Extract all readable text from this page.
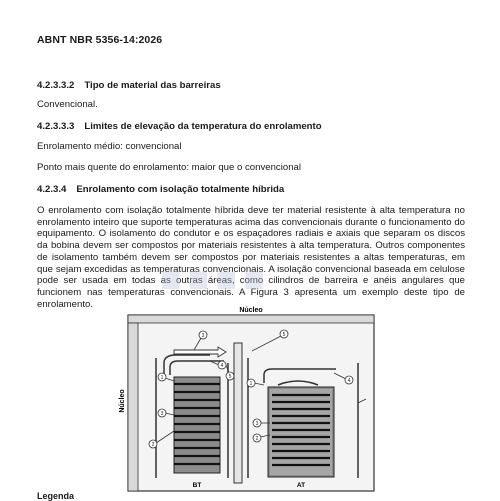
ABNT NBR 5356-14:2026
4.2.3.3.2 Tipo de material das barreiras
Convencional.
4.2.3.3.3 Limites de elevação da temperatura do enrolamento
Enrolamento médio: convencional
Ponto mais quente do enrolamento: maior que o convencional
4.2.3.4 Enrolamento com isolação totalmente híbrida
O enrolamento com isolação totalmente híbrida deve ter material resistente à alta temperatura no enrolamento inteiro que suporte temperaturas acima das convencionais durante o funcionamento do equipamento. O isolamento do condutor e os espaçadores radiais e axiais que separam os discos da bobina devem ser compostos por materiais resistentes à alta temperatura. Outros componentes de isolamento também devem ser compostos por materiais resistentes a altas temperaturas, em que sejam excedidas as temperaturas convencionais. A isolação convencional baseada em celulose pode ser usada em todas as outras áreas, como cilindros de barreira e anéis angulares que funcionem nas temperaturas convencionais. A Figura 3 apresenta um exemplo deste tipo de enrolamento.
■■■■
Núcleo
Núcleo
3	5
1
4
5
3
2
1	4
3
2
BT	AT
Legenda
